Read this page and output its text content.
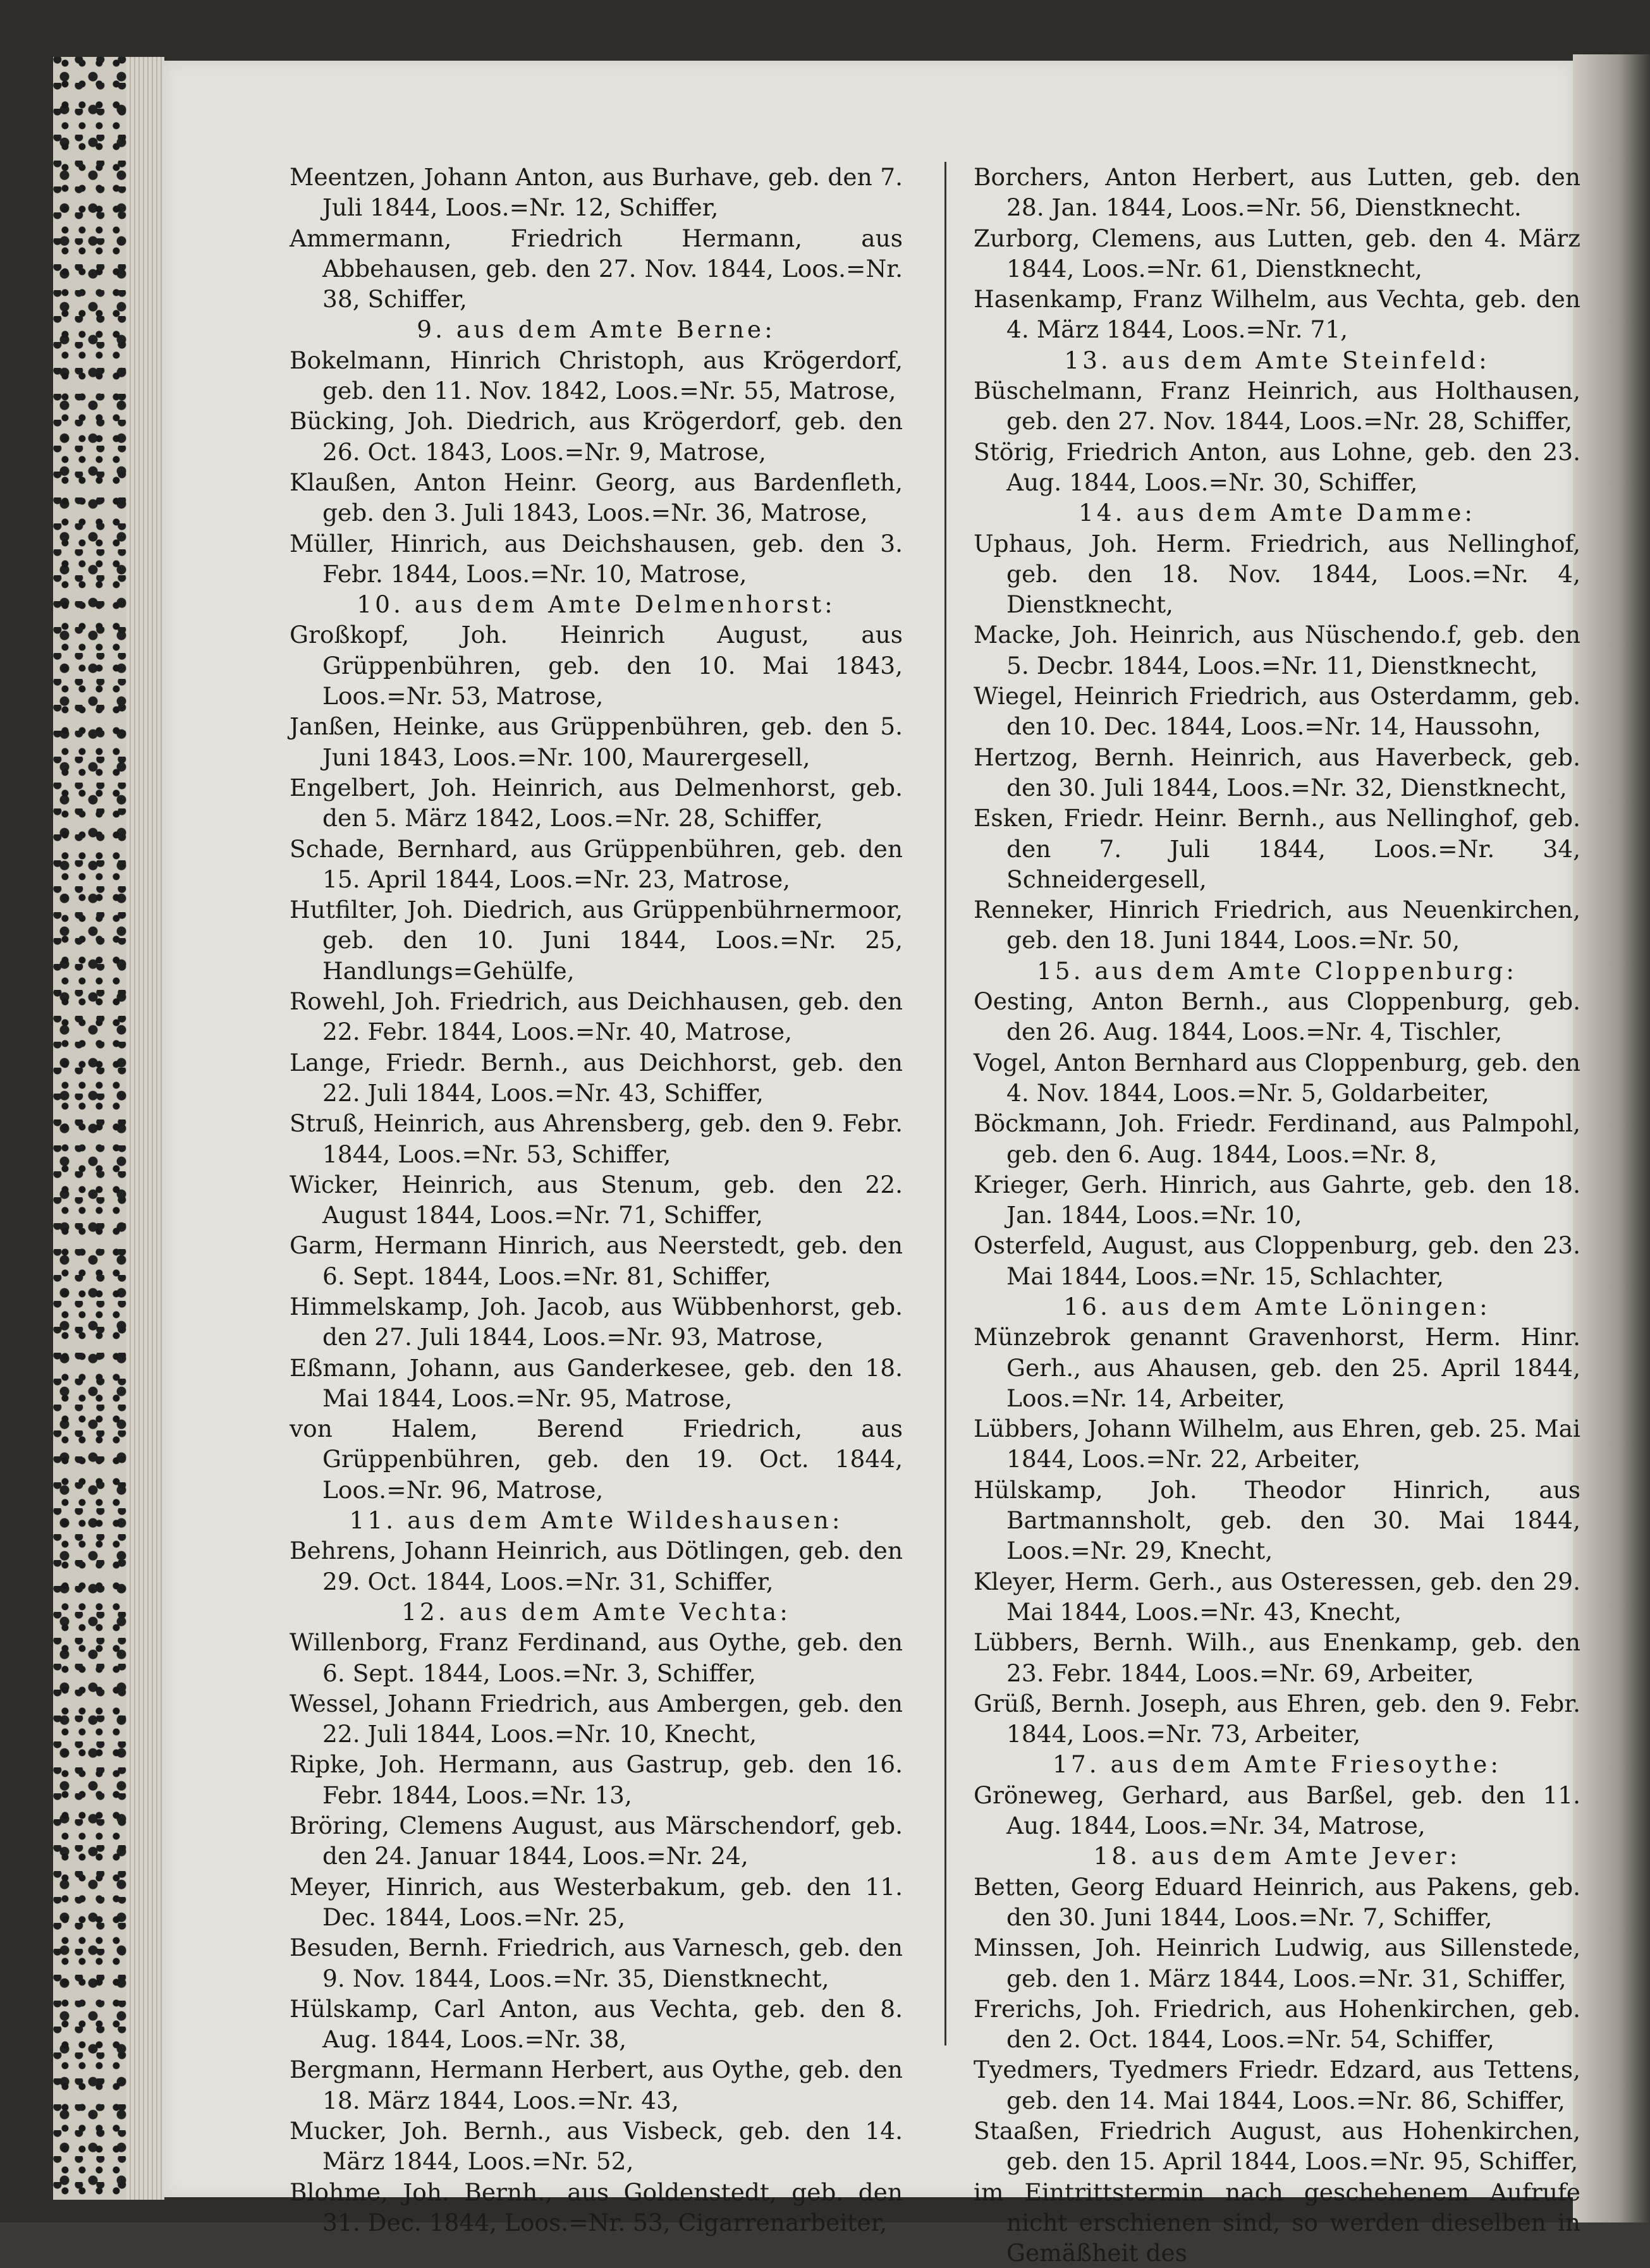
Meentzen, Johann Anton, aus Burhave, geb. den 7. Juli 1844, Loos.=Nr. 12, Schiffer,

Ammermann, Friedrich Hermann, aus Abbehausen, geb. den 27. Nov. 1844, Loos.=Nr. 38, Schiffer,

9. aus dem Amte Berne:

Bokelmann, Hinrich Christoph, aus Krögerdorf, geb. den 11. Nov. 1842, Loos.=Nr. 55, Matrose,

Bücking, Joh. Diedrich, aus Krögerdorf, geb. den 26. Oct. 1843, Loos.=Nr. 9, Matrose,

Klaußen, Anton Heinr. Georg, aus Bardenfleth, geb. den 3. Juli 1843, Loos.=Nr. 36, Matrose,

Müller, Hinrich, aus Deichshausen, geb. den 3. Febr. 1844, Loos.=Nr. 10, Matrose,

10. aus dem Amte Delmenhorst:

Großkopf, Joh. Heinrich August, aus Grüppenbühren, geb. den 10. Mai 1843, Loos.=Nr. 53, Matrose,

Janßen, Heinke, aus Grüppenbühren, geb. den 5. Juni 1843, Loos.=Nr. 100, Maurergesell,

Engelbert, Joh. Heinrich, aus Delmenhorst, geb. den 5. März 1842, Loos.=Nr. 28, Schiffer,

Schade, Bernhard, aus Grüppenbühren, geb. den 15. April 1844, Loos.=Nr. 23, Matrose,

Hutfilter, Joh. Diedrich, aus Grüppenbührnermoor, geb. den 10. Juni 1844, Loos.=Nr. 25, Handlungs=Gehülfe,

Rowehl, Joh. Friedrich, aus Deichhausen, geb. den 22. Febr. 1844, Loos.=Nr. 40, Matrose,

Lange, Friedr. Bernh., aus Deichhorst, geb. den 22. Juli 1844, Loos.=Nr. 43, Schiffer,

Struß, Heinrich, aus Ahrensberg, geb. den 9. Febr. 1844, Loos.=Nr. 53, Schiffer,

Wicker, Heinrich, aus Stenum, geb. den 22. August 1844, Loos.=Nr. 71, Schiffer,

Garm, Hermann Hinrich, aus Neerstedt, geb. den 6. Sept. 1844, Loos.=Nr. 81, Schiffer,

Himmelskamp, Joh. Jacob, aus Wübbenhorst, geb. den 27. Juli 1844, Loos.=Nr. 93, Matrose,

Eßmann, Johann, aus Ganderkesee, geb. den 18. Mai 1844, Loos.=Nr. 95, Matrose,

von Halem, Berend Friedrich, aus Grüppenbühren, geb. den 19. Oct. 1844, Loos.=Nr. 96, Matrose,

11. aus dem Amte Wildeshausen:

Behrens, Johann Heinrich, aus Dötlingen, geb. den 29. Oct. 1844, Loos.=Nr. 31, Schiffer,

12. aus dem Amte Vechta:

Willenborg, Franz Ferdinand, aus Oythe, geb. den 6. Sept. 1844, Loos.=Nr. 3, Schiffer,

Wessel, Johann Friedrich, aus Ambergen, geb. den 22. Juli 1844, Loos.=Nr. 10, Knecht,

Ripke, Joh. Hermann, aus Gastrup, geb. den 16. Febr. 1844, Loos.=Nr. 13,

Bröring, Clemens August, aus Märschendorf, geb. den 24. Januar 1844, Loos.=Nr. 24,

Meyer, Hinrich, aus Westerbakum, geb. den 11. Dec. 1844, Loos.=Nr. 25,

Besuden, Bernh. Friedrich, aus Varnesch, geb. den 9. Nov. 1844, Loos.=Nr. 35, Dienstknecht,

Hülskamp, Carl Anton, aus Vechta, geb. den 8. Aug. 1844, Loos.=Nr. 38,

Bergmann, Hermann Herbert, aus Oythe, geb. den 18. März 1844, Loos.=Nr. 43,

Mucker, Joh. Bernh., aus Visbeck, geb. den 14. März 1844, Loos.=Nr. 52,

Blohme, Joh. Bernh., aus Goldenstedt, geb. den 31. Dec. 1844, Loos.=Nr. 53, Cigarrenarbeiter,

Borchers, Anton Herbert, aus Lutten, geb. den 28. Jan. 1844, Loos.=Nr. 56, Dienstknecht.

Zurborg, Clemens, aus Lutten, geb. den 4. März 1844, Loos.=Nr. 61, Dienstknecht,

Hasenkamp, Franz Wilhelm, aus Vechta, geb. den 4. März 1844, Loos.=Nr. 71,

13. aus dem Amte Steinfeld:

Büschelmann, Franz Heinrich, aus Holthausen, geb. den 27. Nov. 1844, Loos.=Nr. 28, Schiffer,

Störig, Friedrich Anton, aus Lohne, geb. den 23. Aug. 1844, Loos.=Nr. 30, Schiffer,

14. aus dem Amte Damme:

Uphaus, Joh. Herm. Friedrich, aus Nellinghof, geb. den 18. Nov. 1844, Loos.=Nr. 4, Dienstknecht,

Macke, Joh. Heinrich, aus Nüschendo.f, geb. den 5. Decbr. 1844, Loos.=Nr. 11, Dienstknecht,

Wiegel, Heinrich Friedrich, aus Osterdamm, geb. den 10. Dec. 1844, Loos.=Nr. 14, Haussohn,

Hertzog, Bernh. Heinrich, aus Haverbeck, geb. den 30. Juli 1844, Loos.=Nr. 32, Dienstknecht,

Esken, Friedr. Heinr. Bernh., aus Nellinghof, geb. den 7. Juli 1844, Loos.=Nr. 34, Schneidergesell,

Renneker, Hinrich Friedrich, aus Neuenkirchen, geb. den 18. Juni 1844, Loos.=Nr. 50,

15. aus dem Amte Cloppenburg:

Oesting, Anton Bernh., aus Cloppenburg, geb. den 26. Aug. 1844, Loos.=Nr. 4, Tischler,

Vogel, Anton Bernhard aus Cloppenburg, geb. den 4. Nov. 1844, Loos.=Nr. 5, Goldarbeiter,

Böckmann, Joh. Friedr. Ferdinand, aus Palmpohl, geb. den 6. Aug. 1844, Loos.=Nr. 8,

Krieger, Gerh. Hinrich, aus Gahrte, geb. den 18. Jan. 1844, Loos.=Nr. 10,

Osterfeld, August, aus Cloppenburg, geb. den 23. Mai 1844, Loos.=Nr. 15, Schlachter,

16. aus dem Amte Löningen:

Münzebrok genannt Gravenhorst, Herm. Hinr. Gerh., aus Ahausen, geb. den 25. April 1844, Loos.=Nr. 14, Arbeiter,

Lübbers, Johann Wilhelm, aus Ehren, geb. 25. Mai 1844, Loos.=Nr. 22, Arbeiter,

Hülskamp, Joh. Theodor Hinrich, aus Bartmannsholt, geb. den 30. Mai 1844, Loos.=Nr. 29, Knecht,

Kleyer, Herm. Gerh., aus Osteressen, geb. den 29. Mai 1844, Loos.=Nr. 43, Knecht,

Lübbers, Bernh. Wilh., aus Enenkamp, geb. den 23. Febr. 1844, Loos.=Nr. 69, Arbeiter,

Grüß, Bernh. Joseph, aus Ehren, geb. den 9. Febr. 1844, Loos.=Nr. 73, Arbeiter,

17. aus dem Amte Friesoythe:

Gröneweg, Gerhard, aus Barßel, geb. den 11. Aug. 1844, Loos.=Nr. 34, Matrose,

18. aus dem Amte Jever:

Betten, Georg Eduard Heinrich, aus Pakens, geb. den 30. Juni 1844, Loos.=Nr. 7, Schiffer,

Minssen, Joh. Heinrich Ludwig, aus Sillenstede, geb. den 1. März 1844, Loos.=Nr. 31, Schiffer,

Frerichs, Joh. Friedrich, aus Hohenkirchen, geb. den 2. Oct. 1844, Loos.=Nr. 54, Schiffer,

Tyedmers, Tyedmers Friedr. Edzard, aus Tettens, geb. den 14. Mai 1844, Loos.=Nr. 86, Schiffer,

Staaßen, Friedrich August, aus Hohenkirchen, geb. den 15. April 1844, Loos.=Nr. 95, Schiffer,

im Eintrittstermin nach geschehenem Aufrufe nicht erschienen sind, so werden dieselben in Gemäßheit des
